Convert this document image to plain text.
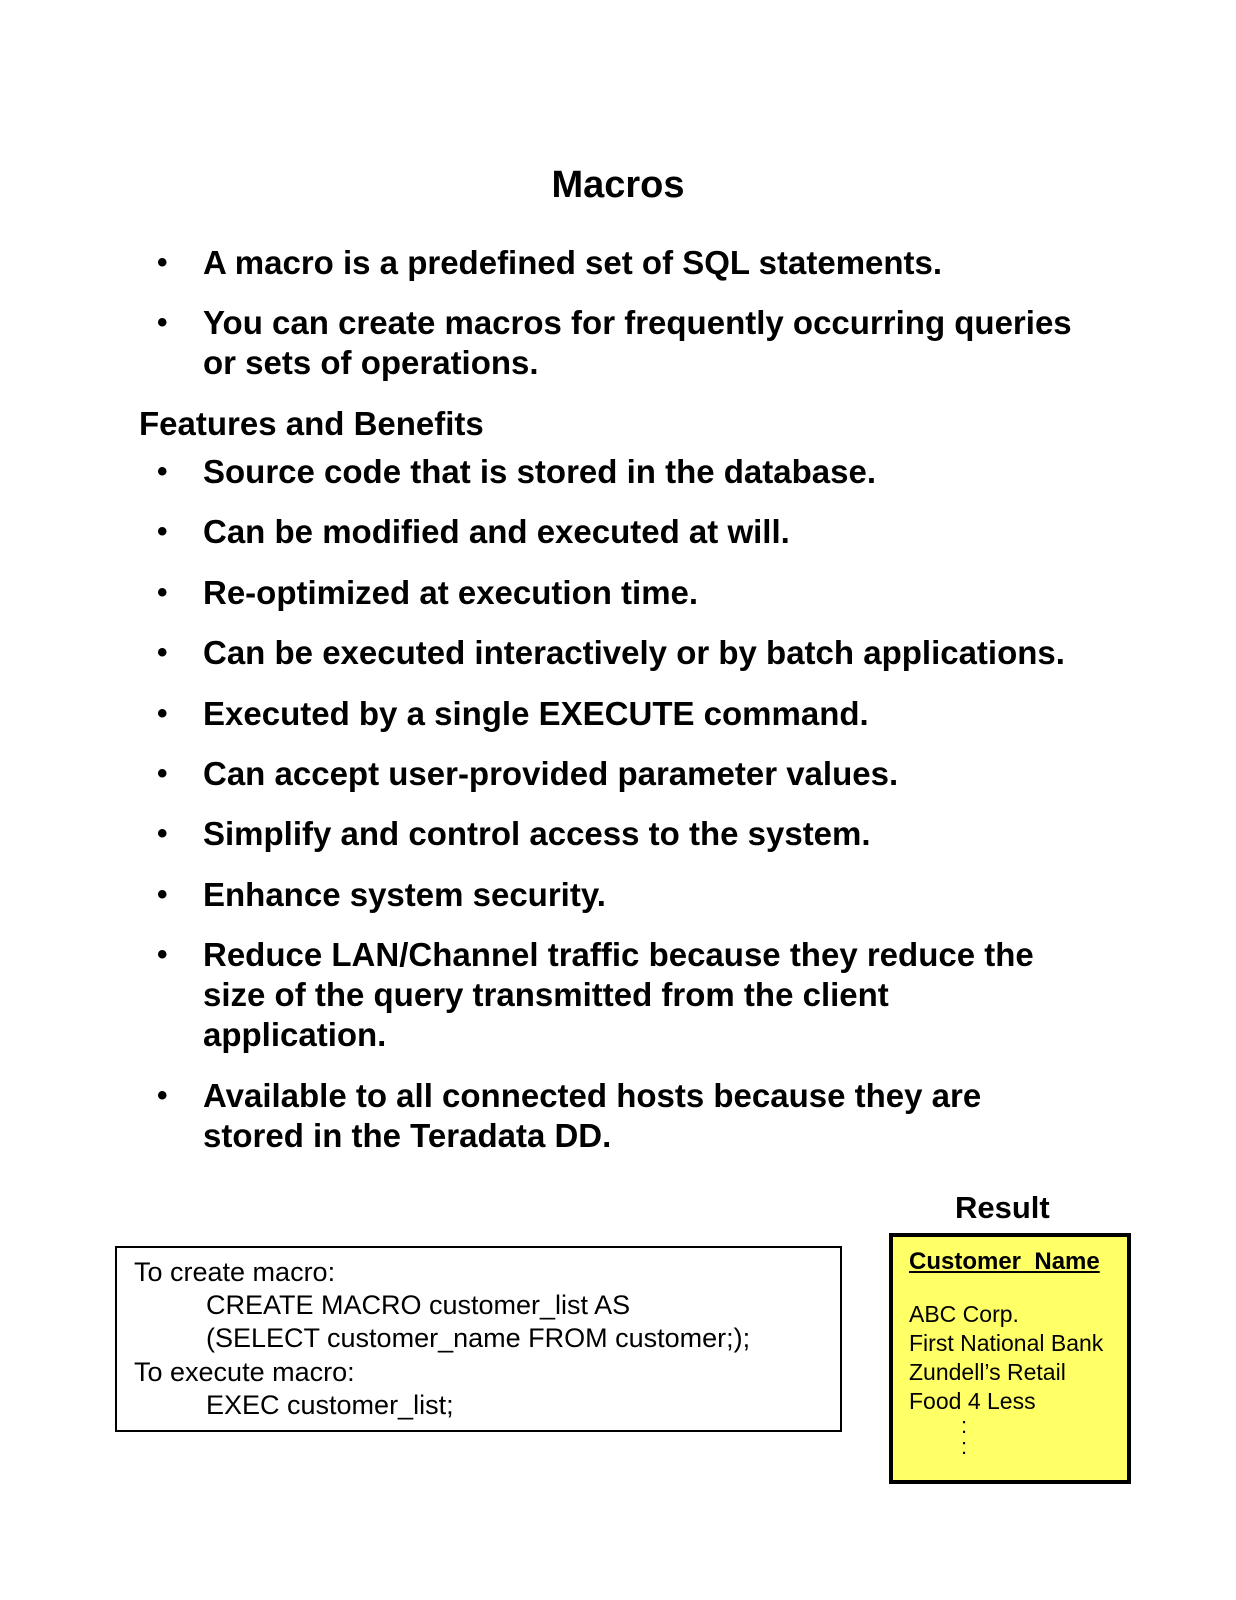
Macros
• A macro is a predefined set of SQL statements.
• You can create macros for frequently occurring queries
or sets of operations.
Features and Benefits
• Source code that is stored in the database.
• Can be modified and executed at will.
• Re-optimized at execution time.
• Can be executed interactively or by batch applications.
• Executed by a single EXECUTE command.
• Can accept user-provided parameter values.
• Simplify and control access to the system.
• Enhance system security.
• Reduce LAN/Channel traffic because they reduce the
size of the query transmitted from the client
application.
• Available to all connected hosts because they are
stored in the Teradata DD.
To create macro:
CREATE MACRO customer_list AS
(SELECT customer_name FROM customer;);
To execute macro:
EXEC customer_list;
Result
Customer_Name
ABC Corp.
First National Bank
Zundell’s Retail
Food 4 Less
:
:
